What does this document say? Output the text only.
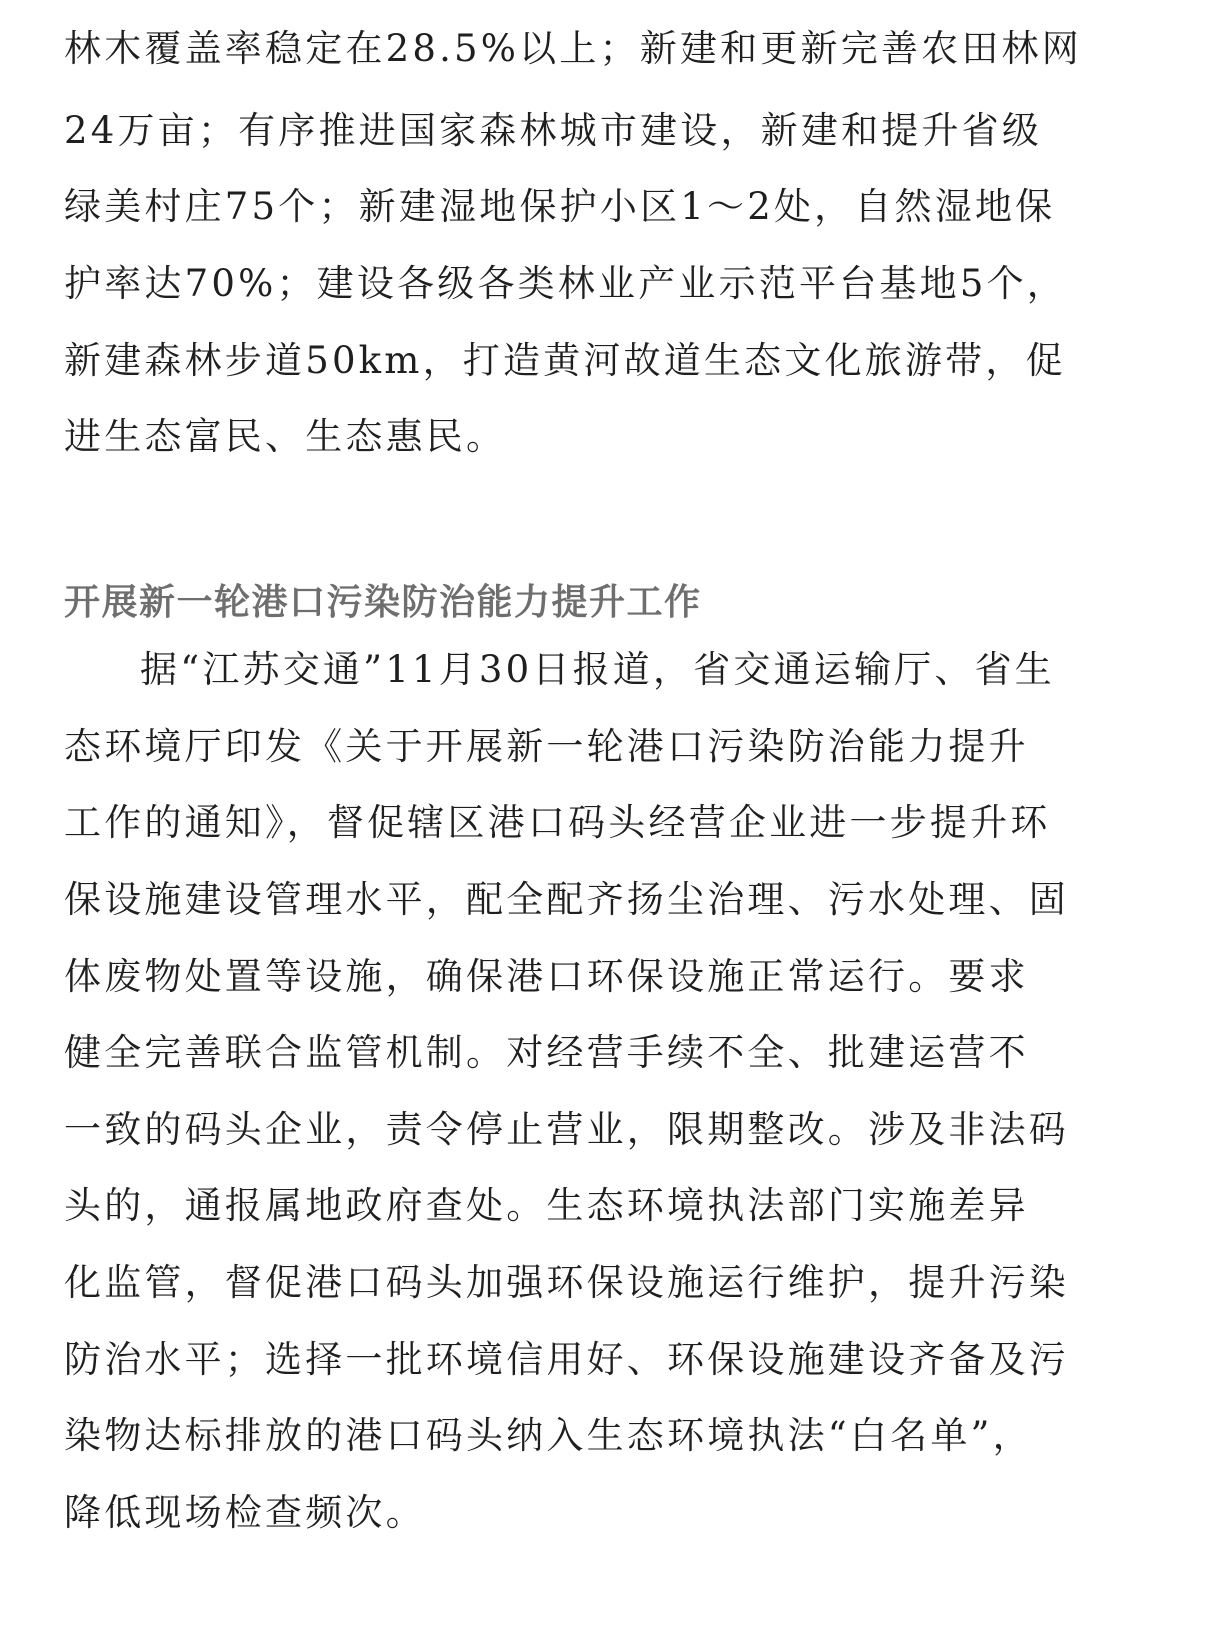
林木覆盖率稳定在28.5%以上；新建和更新完善农田林网

24万亩；有序推进国家森林城市建设，新建和提升省级

绿美村庄75个；新建湿地保护小区1～2处，自然湿地保

护率达70%；建设各级各类林业产业示范平台基地5个，

新建森林步道50km，打造黄河故道生态文化旅游带，促

进生态富民、生态惠民。

开展新一轮港口污染防治能力提升工作

据“江苏交通”11月30日报道，省交通运输厅、省生

态环境厅印发《关于开展新一轮港口污染防治能力提升

工作的通知》，督促辖区港口码头经营企业进一步提升环

保设施建设管理水平，配全配齐扬尘治理、污水处理、固

体废物处置等设施，确保港口环保设施正常运行。要求

健全完善联合监管机制。对经营手续不全、批建运营不

一致的码头企业，责令停止营业，限期整改。涉及非法码

头的，通报属地政府查处。生态环境执法部门实施差异

化监管，督促港口码头加强环保设施运行维护，提升污染

防治水平；选择一批环境信用好、环保设施建设齐备及污

染物达标排放的港口码头纳入生态环境执法“白名单”，

降低现场检查频次。
